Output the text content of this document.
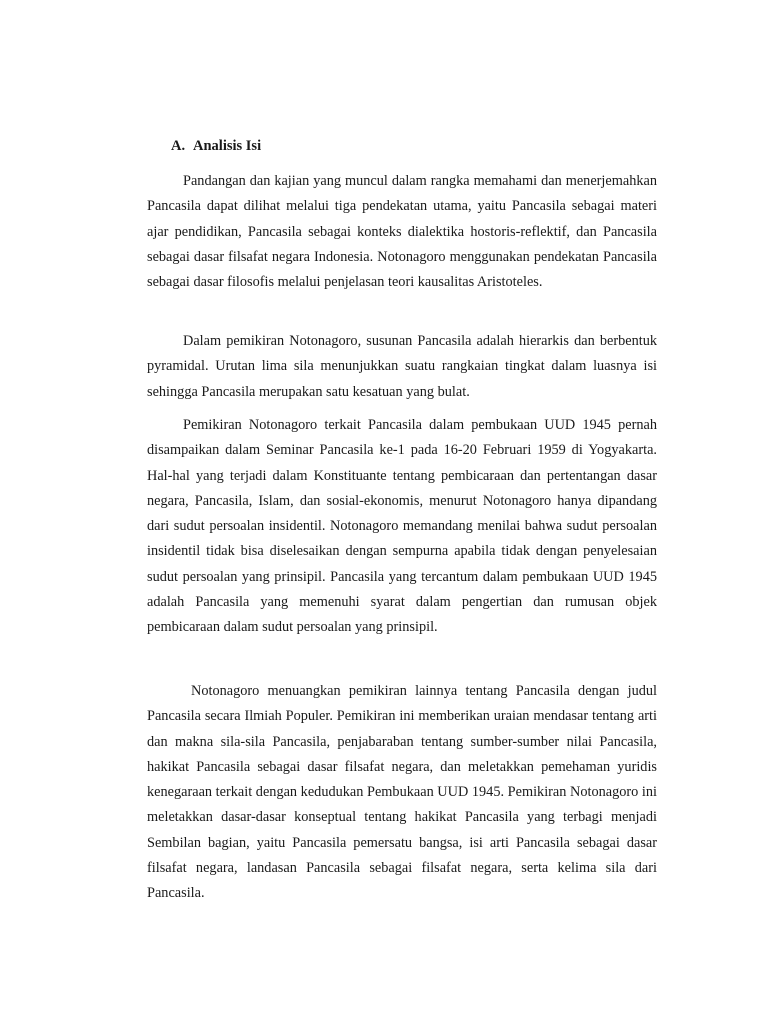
A. Analisis Isi

Pandangan dan kajian yang muncul dalam rangka memahami dan menerjemahkan Pancasila dapat dilihat melalui tiga pendekatan utama, yaitu Pancasila sebagai materi ajar pendidikan, Pancasila sebagai konteks dialektika hostoris-reflektif, dan Pancasila sebagai dasar filsafat negara Indonesia. Notonagoro menggunakan pendekatan Pancasila sebagai dasar filosofis melalui penjelasan teori kausalitas Aristoteles.

Dalam pemikiran Notonagoro, susunan Pancasila adalah hierarkis dan berbentuk pyramidal. Urutan lima sila menunjukkan suatu rangkaian tingkat dalam luasnya isi sehingga Pancasila merupakan satu kesatuan yang bulat.

Pemikiran Notonagoro terkait Pancasila dalam pembukaan UUD 1945 pernah disampaikan dalam Seminar Pancasila ke-1 pada 16-20 Februari 1959 di Yogyakarta. Hal-hal yang terjadi dalam Konstituante tentang pembicaraan dan pertentangan dasar negara, Pancasila, Islam, dan sosial-ekonomis, menurut Notonagoro hanya dipandang dari sudut persoalan insidentil. Notonagoro memandang menilai bahwa sudut persoalan insidentil tidak bisa diselesaikan dengan sempurna apabila tidak dengan penyelesaian sudut persoalan yang prinsipil. Pancasila yang tercantum dalam pembukaan UUD 1945 adalah Pancasila yang memenuhi syarat dalam pengertian dan rumusan objek pembicaraan dalam sudut persoalan yang prinsipil.

Notonagoro menuangkan pemikiran lainnya tentang Pancasila dengan judul Pancasila secara Ilmiah Populer. Pemikiran ini memberikan uraian mendasar tentang arti dan makna sila-sila Pancasila, penjabaraban tentang sumber-sumber nilai Pancasila, hakikat Pancasila sebagai dasar filsafat negara, dan meletakkan pemehaman yuridis kenegaraan terkait dengan kedudukan Pembukaan UUD 1945. Pemikiran Notonagoro ini meletakkan dasar-dasar konseptual tentang hakikat Pancasila yang terbagi menjadi Sembilan bagian, yaitu Pancasila pemersatu bangsa, isi arti Pancasila sebagai dasar filsafat negara, landasan Pancasila sebagai filsafat negara, serta kelima sila dari Pancasila.
